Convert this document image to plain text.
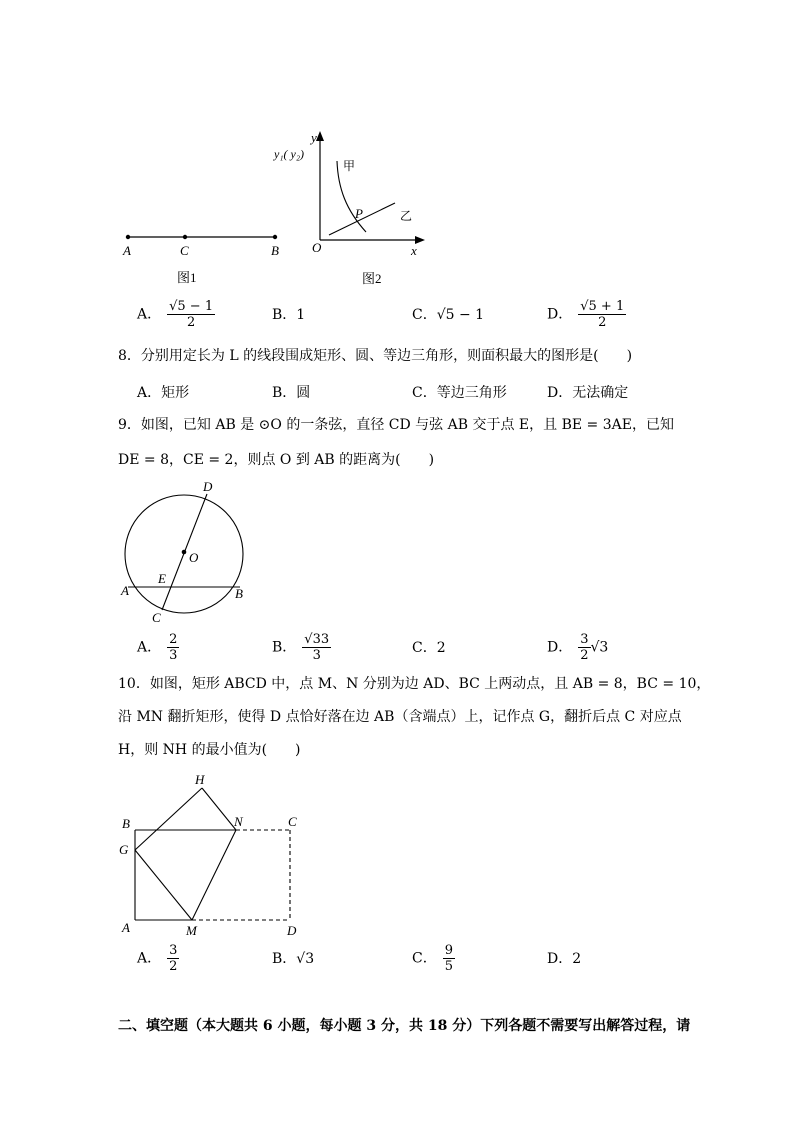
A	C	B
图1
y
y₁( y₂)
x
O
甲
乙
P
图2
A． $\frac{√5 - 1}{2}$	B．1	C．√5 − 1	D． $\frac{√5 + 1}{2}$
8．分别用定长为 L 的线段围成矩形、圆、等边三角形，则面积最大的图形是(　　)
A．矩形	B．圆	C．等边三角形	D．无法确定
9．如图，已知 AB 是 ⊙O 的一条弦，直径 CD 与弦 AB 交于点 E，且 BE = 3AE，已知
DE = 8，CE = 2，则点 O 到 AB 的距离为(　　)
D
O
A
E
B
C
A． $\frac{2}{3}$	B． $\frac{√33}{3}$	C．2	D． $\frac{3}{2} √3$
10．如图，矩形 ABCD 中，点 M、N 分别为边 AD、BC 上两动点，且 AB = 8，BC = 10，
沿 MN 翻折矩形，使得 D 点恰好落在边 AB（含端点）上，记作点 G，翻折后点 C 对应点
H，则 NH 的最小值为(　　)
H
B	N	C
G
A	M	D
A． $\frac{3}{2}$	B．√3	C． $\frac{9}{5}$	D．2
二、填空题（本大题共 6 小题，每小题 3 分，共 18 分）下列各题不需要写出解答过程，请
